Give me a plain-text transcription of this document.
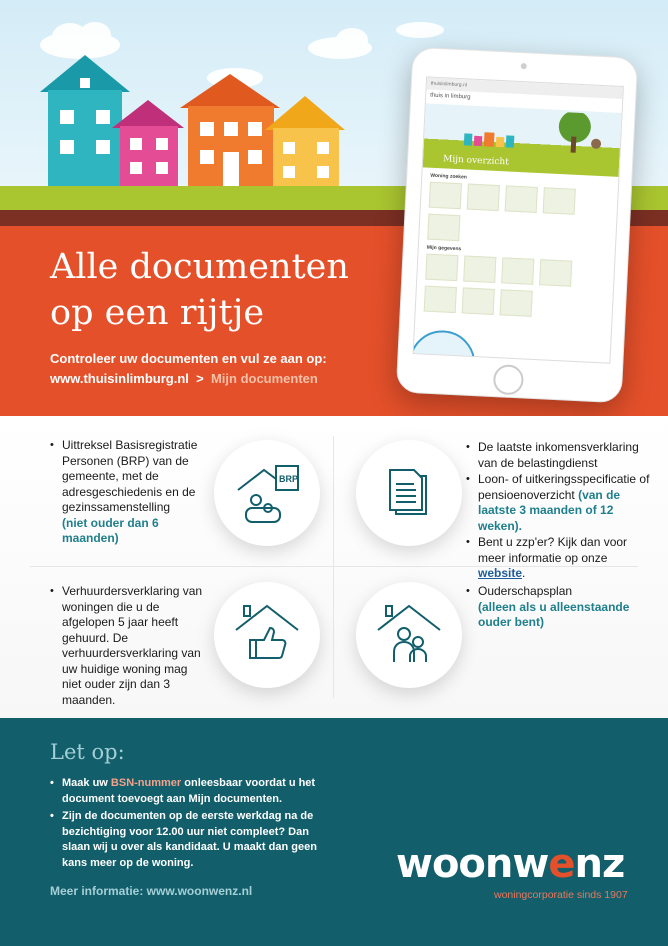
Alle documenten
op een rijtje
Controleer uw documenten en vul ze aan op:
www.thuisinlimburg.nl > Mijn documenten
thuisinlimburg.nl
thuis in limburg
Mijn overzicht
Woning zoeken
Mijn gegevens
• Uittreksel Basisregistratie Personen (BRP) van de gemeente, met de adresgeschiedenis en de gezinssamenstelling
(niet ouder dan 6 maanden)
BRP
• De laatste inkomensverklaring van de belastingdienst
• Loon- of uitkeringsspecificatie of pensioenoverzicht (van de laatste 3 maanden of 12 weken).
• Bent u zzp'er? Kijk dan voor meer informatie op onze website.
• Verhuurdersverklaring van woningen die u de afgelopen 5 jaar heeft gehuurd. De verhuurdersverklaring van uw huidige woning mag niet ouder zijn dan 3 maanden.
• Ouderschapsplan
(alleen als u alleenstaande ouder bent)
Let op:
• Maak uw BSN-nummer onleesbaar voordat u het document toevoegt aan Mijn documenten.
• Zijn de documenten op de eerste werkdag na de bezichtiging voor 12.00 uur niet compleet? Dan slaan wij u over als kandidaat. U maakt dan geen kans meer op de woning.
Meer informatie: www.woonwenz.nl
woonwenz
woningcorporatie sinds 1907
